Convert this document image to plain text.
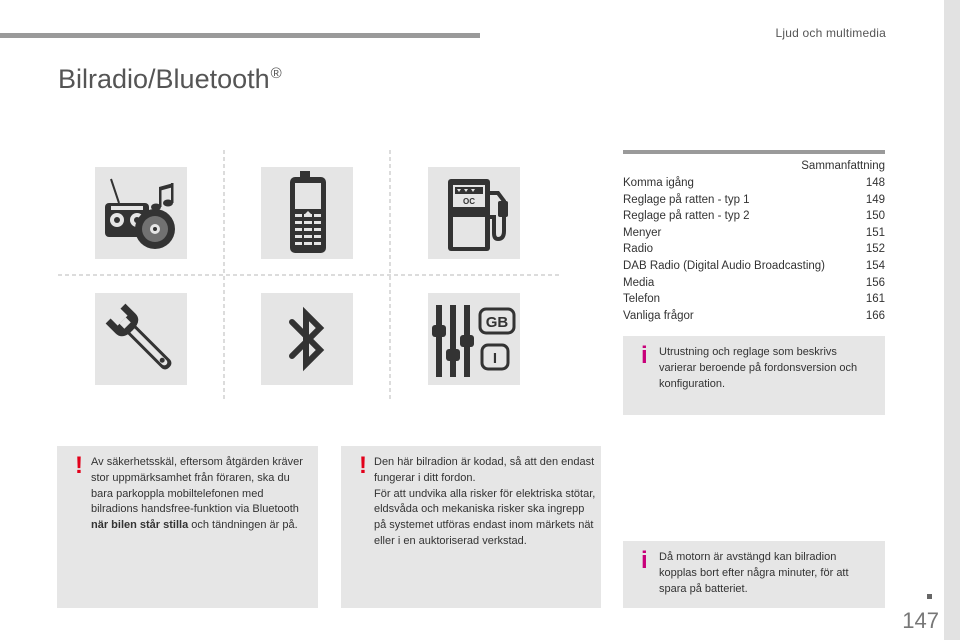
Ljud och multimedia
Bilradio/Bluetooth®
OC
GB
I
Sammanfattning
Komma igång	148
Reglage på ratten - typ 1	149
Reglage på ratten - typ 2	150
Menyer	151
Radio	152
DAB Radio (Digital Audio Broadcasting)	154
Media	156
Telefon	161
Vanliga frågor	166
i Utrustning och reglage som beskrivs varierar beroende på fordonsversion och konfiguration.

! Av säkerhetsskäl, eftersom åtgärden kräver stor uppmärksamhet från föraren, ska du bara parkoppla mobiltelefonen med bilradions handsfree-funktion via Bluetooth när bilen står stilla och tändningen är på.

! Den här bilradion är kodad, så att den endast fungerar i ditt fordon.
För att undvika alla risker för elektriska stötar, eldsvåda och mekaniska risker ska ingrepp på systemet utföras endast inom märkets nät eller i en auktoriserad verkstad.

i Då motorn är avstängd kan bilradion kopplas bort efter några minuter, för att spara på batteriet.

147
